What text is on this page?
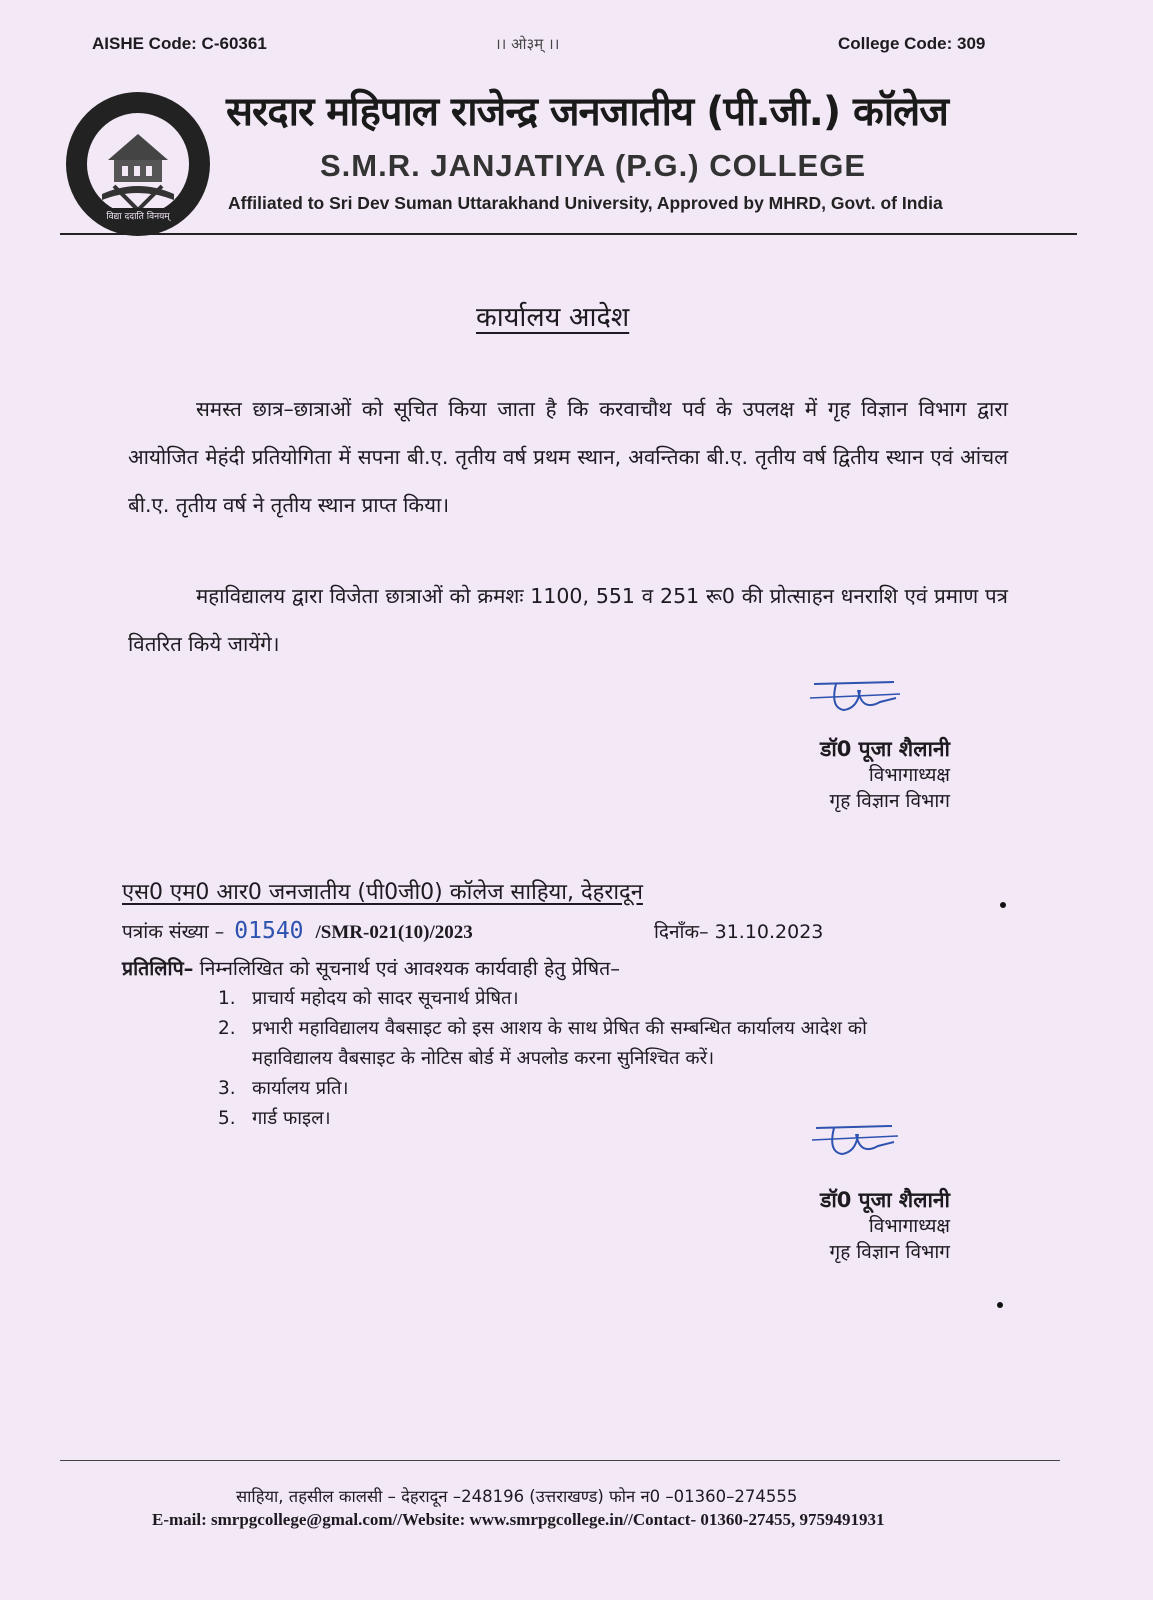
AISHE Code: C-60361	।। ओ३म् ।।	College Code: 309
विद्या ददाति विनयम्
सरदार महिपाल राजेन्द्र जनजातीय (पी.जी.) कॉलेज
S.M.R. JANJATIYA (P.G.) COLLEGE
Affiliated to Sri Dev Suman Uttarakhand University, Approved by MHRD, Govt. of India
कार्यालय आदेश
समस्त छात्र–छात्राओं को सूचित किया जाता है कि करवाचौथ पर्व के उपलक्ष में गृह विज्ञान विभाग द्वारा आयोजित मेहंदी प्रतियोगिता में सपना बी.ए. तृतीय वर्ष प्रथम स्थान, अवन्तिका बी.ए. तृतीय वर्ष द्वितीय स्थान एवं आंचल बी.ए. तृतीय वर्ष ने तृतीय स्थान प्राप्त किया।
महाविद्यालय द्वारा विजेता छात्राओं को क्रमशः 1100, 551 व 251 रू0 की प्रोत्साहन धनराशि एवं प्रमाण पत्र वितरित किये जायेंगे।
डॉ0 पूजा शैलानी
विभागाध्यक्ष
गृह विज्ञान विभाग
एस0 एम0 आर0 जनजातीय (पी0जी0) कॉलेज साहिया, देहरादून
पत्रांक संख्या – 01540 /SMR-021(10)/2023	दिनाँक– 31.10.2023
प्रतिलिपि– निम्नलिखित को सूचनार्थ एवं आवश्यक कार्यवाही हेतु प्रेषित–
1. प्राचार्य महोदय को सादर सूचनार्थ प्रेषित।
2. प्रभारी महाविद्यालय वैबसाइट को इस आशय के साथ प्रेषित की सम्बन्धित कार्यालय आदेश को महाविद्यालय वैबसाइट के नोटिस बोर्ड में अपलोड करना सुनिश्चित करें।
3. कार्यालय प्रति।
5. गार्ड फाइल।
डॉ0 पूजा शैलानी
विभागाध्यक्ष
गृह विज्ञान विभाग
साहिया, तहसील कालसी – देहरादून –248196 (उत्तराखण्ड) फोन न0 –01360–274555
E-mail: smrpgcollege@gmal.com//Website: www.smrpgcollege.in//Contact- 01360-27455, 9759491931
